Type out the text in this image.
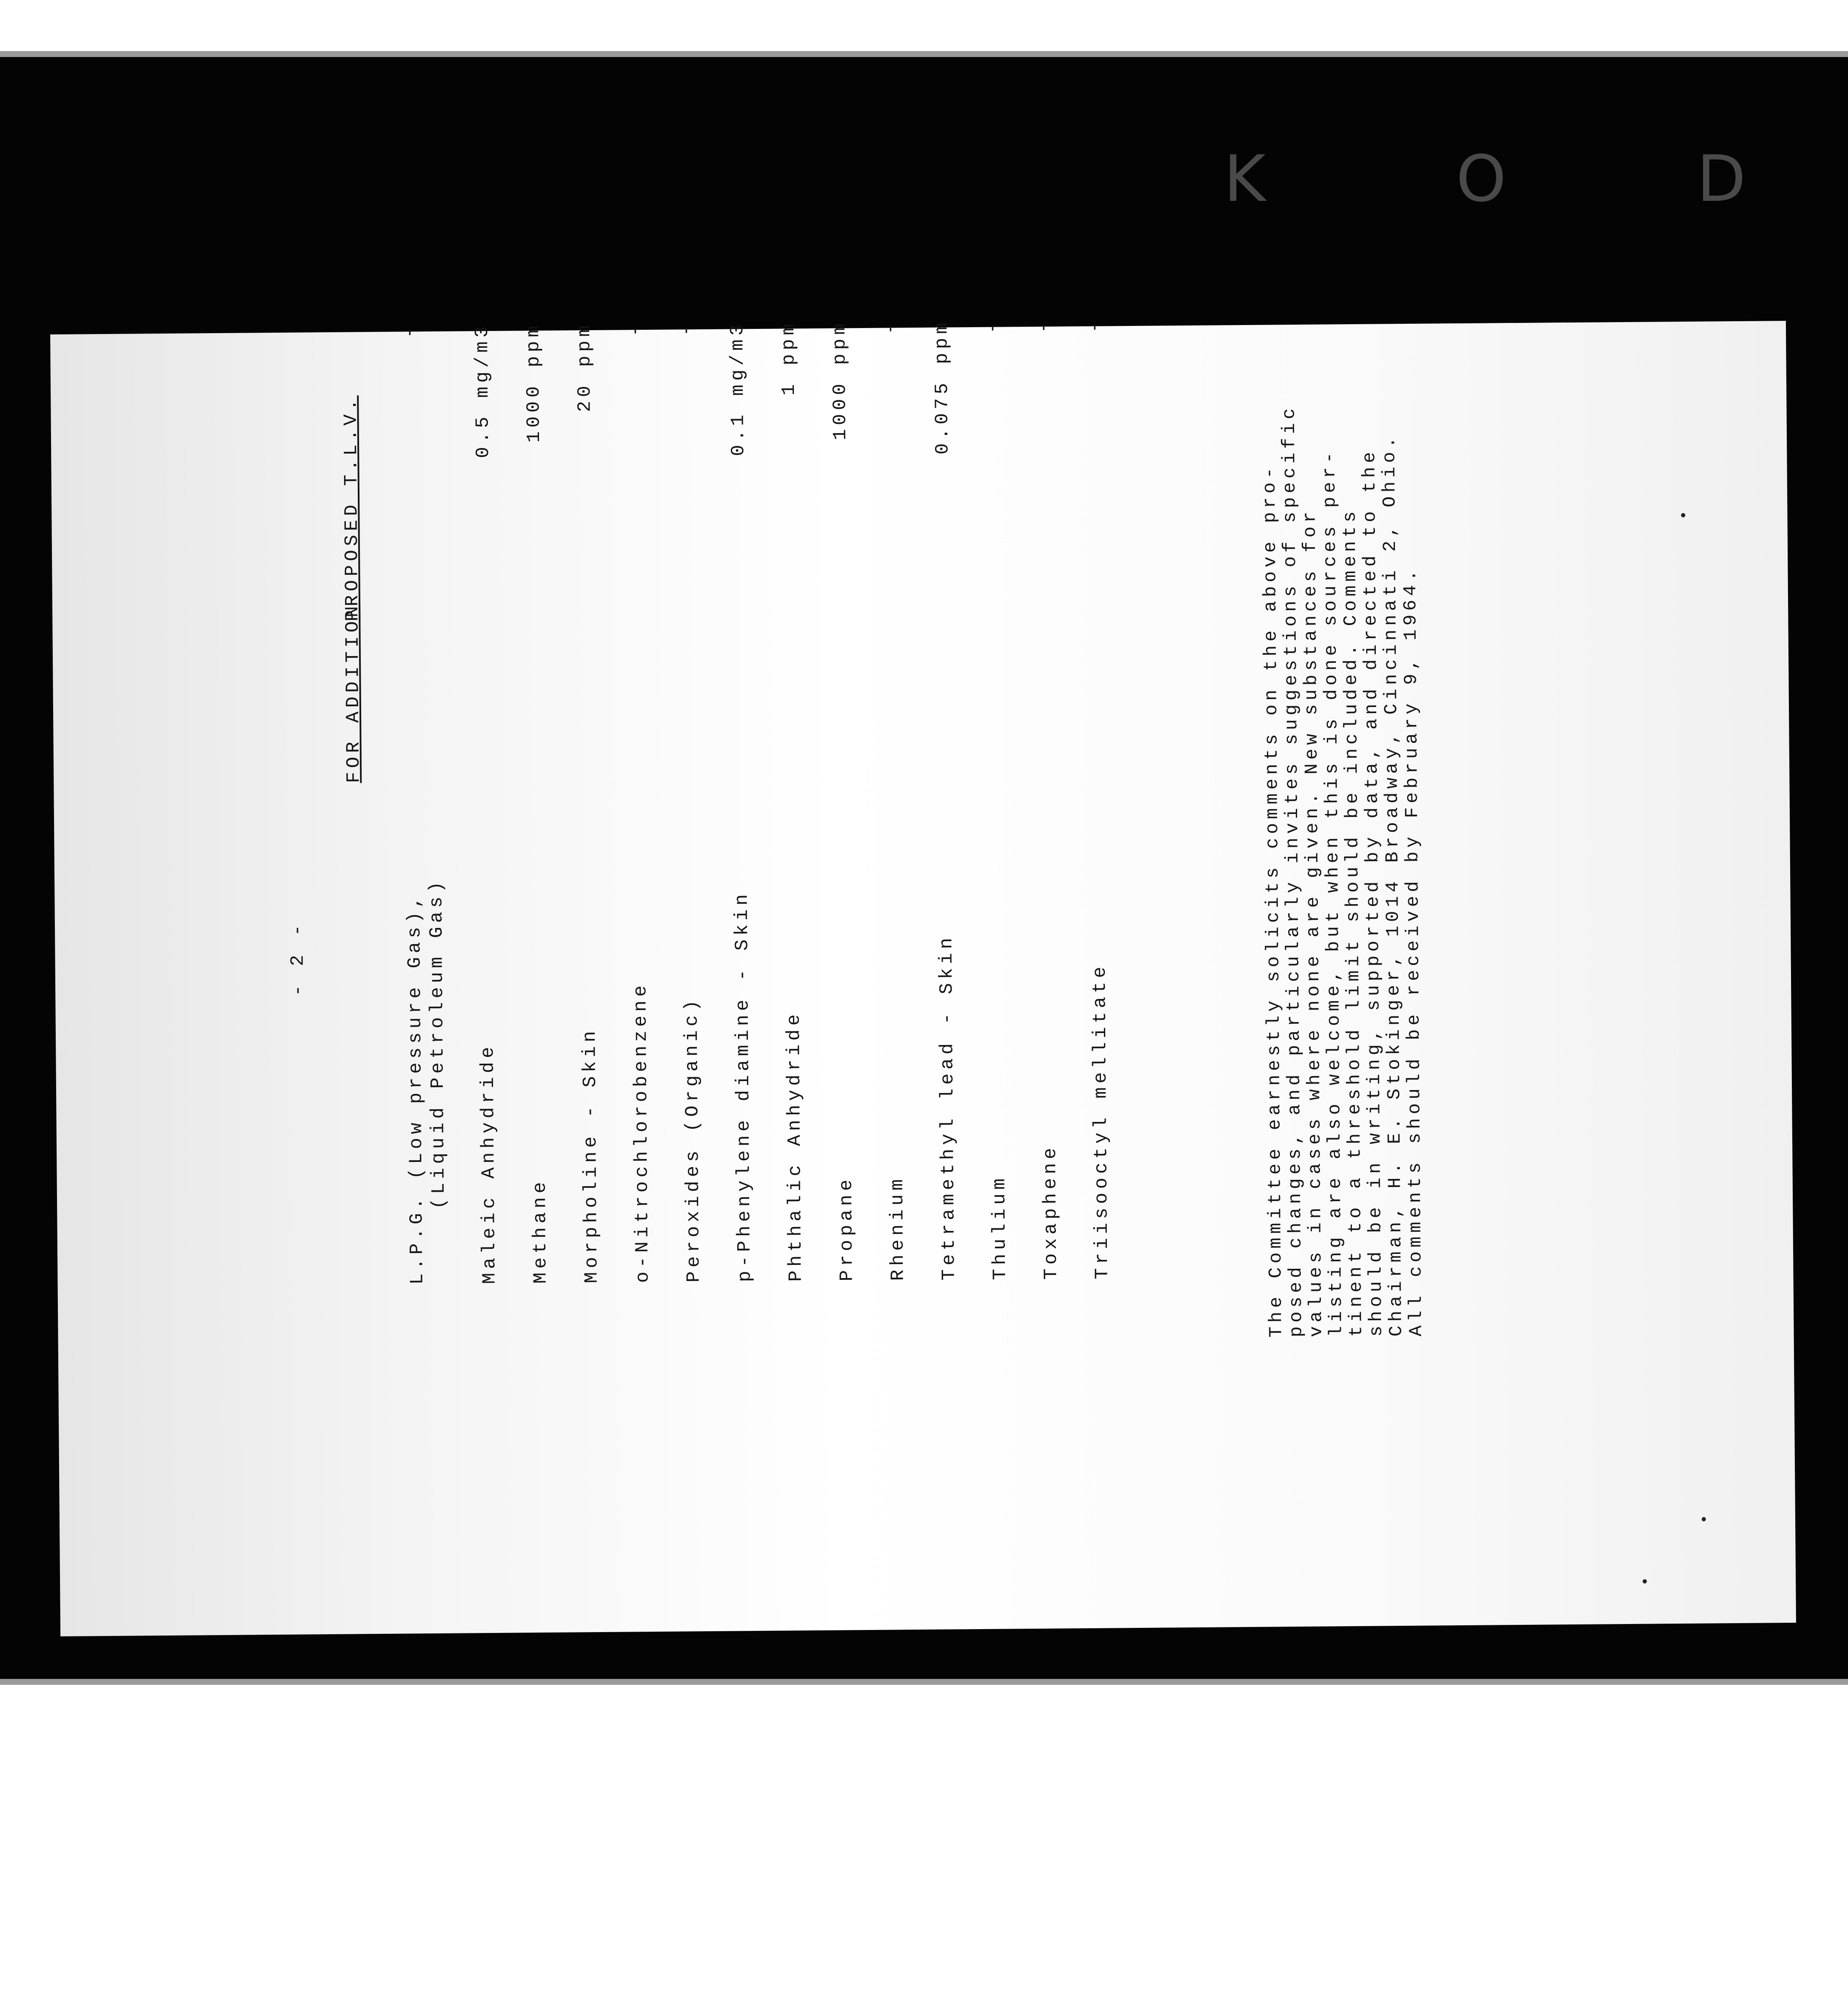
K O D
- 2 -
FOR ADDITION
PROPOSED T.L.V.
L.P.G. (Low pressure Gas),
(Liquid Petroleum Gas)
-
Maleic Anhydride
0.5 mg/m3
Methane
1000 ppm
Morpholine - Skin
20 ppm
o-Nitrochlorobenzene
-
Peroxides (Organic)
-
p-Phenylene diamine - Skin
0.1 mg/m3
Phthalic Anhydride
1 ppm
Propane
1000 ppm
Rhenium
-
Tetramethyl lead - Skin
0.075 ppm
Thulium
-
Toxaphene
-
Triisooctyl mellitate
-
The Committee earnestly solicits comments on the above pro-
posed changes, and particularly invites suggestions of specific
values in cases where none are given. New substances for
listing are also welcome, but when this is done sources per-
tinent to a threshold limit should be included. Comments
should be in writing, supported by data, and directed to the
Chairman, H. E. Stokinger, 1014 Broadway, Cincinnati 2, Ohio.
All comments should be received by February 9, 1964.
